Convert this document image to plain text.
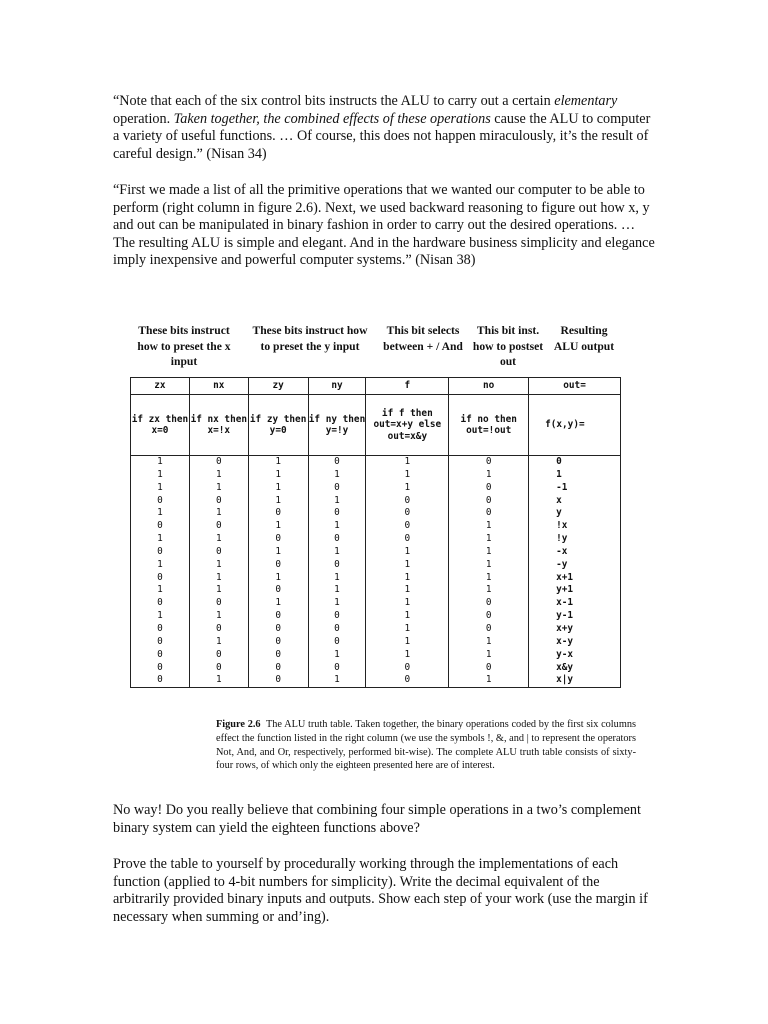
“Note that each of the six control bits instructs the ALU to carry out a certain elementary operation. Taken together, the combined effects of these operations cause the ALU to computer a variety of useful functions. … Of course, this does not happen miraculously, it’s the result of careful design.” (Nisan 34)

“First we made a list of all the primitive operations that we wanted our computer to be able to perform (right column in figure 2.6). Next, we used backward reasoning to figure out how x, y and out can be manipulated in binary fashion in order to carry out the desired operations. … The resulting ALU is simple and elegant. And in the hardware business simplicity and elegance imply inexpensive and powerful computer systems.” (Nisan 38)

These bits instruct how to preset the x input
These bits instruct how to preset the y input
This bit selects between + / And
This bit inst. how to postset out
Resulting ALU output
zx	nx	zy	ny	f	no	out=
if zx then x=0	if nx then x=!x	if zy then y=0	if ny then y=!y	if f then out=x+y else out=x&y	if no then out=!out	f(x,y)=
1	0	1	0	1	0	0
1	1	1	1	1	1	1
1	1	1	0	1	0	-1
0	0	1	1	0	0	x
1	1	0	0	0	0	y
0	0	1	1	0	1	!x
1	1	0	0	0	1	!y
0	0	1	1	1	1	-x
1	1	0	0	1	1	-y
0	1	1	1	1	1	x+1
1	1	0	1	1	1	y+1
0	0	1	1	1	0	x-1
1	1	0	0	1	0	y-1
0	0	0	0	1	0	x+y
0	1	0	0	1	1	x-y
0	0	0	1	1	1	y-x
0	0	0	0	0	0	x&y
0	1	0	1	0	1	x|y
Figure 2.6 The ALU truth table. Taken together, the binary operations coded by the first six columns effect the function listed in the right column (we use the symbols !, &, and | to represent the operators Not, And, and Or, respectively, performed bit-wise). The complete ALU truth table consists of sixty-four rows, of which only the eighteen presented here are of interest.

No way! Do you really believe that combining four simple operations in a two’s complement binary system can yield the eighteen functions above?

Prove the table to yourself by procedurally working through the implementations of each function (applied to 4-bit numbers for simplicity). Write the decimal equivalent of the arbitrarily provided binary inputs and outputs. Show each step of your work (use the margin if necessary when summing or and’ing).
